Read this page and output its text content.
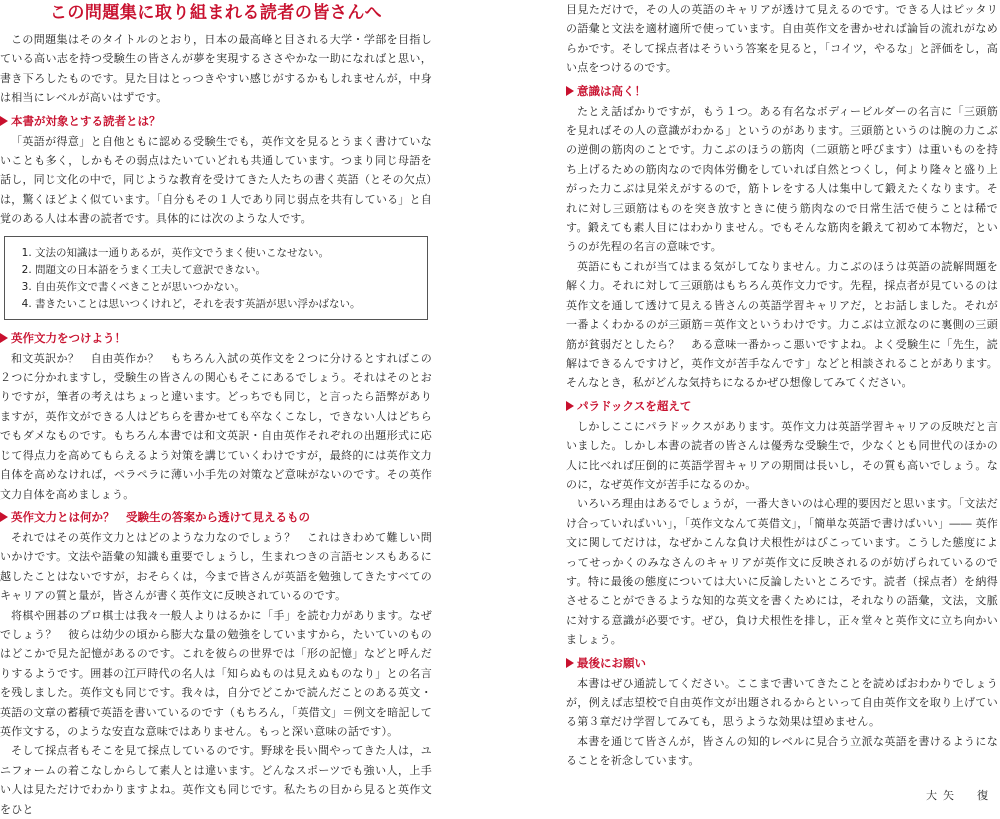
この問題集に取り組まれる読者の皆さんへ

この問題集はそのタイトルのとおり，日本の最高峰と目される大学・学部を目指している高い志を持つ受験生の皆さんが夢を実現するささやかな一助になればと思い，書き下ろしたものです。見た目はとっつきやすい感じがするかもしれませんが，中身は相当にレベルが高いはずです。

本書が対象とする読者とは？

「英語が得意」と自他ともに認める受験生でも，英作文を見るとうまく書けていないことも多く，しかもその弱点はたいていどれも共通しています。つまり同じ母語を話し，同じ文化の中で，同じような教育を受けてきた人たちの書く英語（とその欠点）は，驚くほどよく似ています。「自分もその１人であり同じ弱点を共有している」と自覚のある人は本書の読者です。具体的には次のような人です。

1. 文法の知識は一通りあるが，英作文でうまく使いこなせない。
2. 問題文の日本語をうまく工夫して意訳できない。
3. 自由英作文で書くべきことが思いつかない。
4. 書きたいことは思いつくけれど，それを表す英語が思い浮かばない。
英作文力をつけよう！

和文英訳か？　自由英作か？　もちろん入試の英作文を２つに分けるとすればこの２つに分かれますし，受験生の皆さんの関心もそこにあるでしょう。それはそのとおりですが，筆者の考えはちょっと違います。どっちでも同じ，と言ったら語弊がありますが，英作文ができる人はどちらを書かせても卒なくこなし，できない人はどちらでもダメなものです。もちろん本書では和文英訳・自由英作それぞれの出題形式に応じて得点力を高めてもらえるよう対策を講じていくわけですが，最終的には英作文力自体を高めなければ，ペラペラに薄い小手先の対策など意味がないのです。その英作文力自体を高めましょう。

英作文力とは何か？　受験生の答案から透けて見えるもの

それではその英作文力とはどのような力なのでしょう？　これはきわめて難しい問いかけです。文法や語彙の知識も重要でしょうし，生まれつきの言語センスもあるに越したことはないですが，おそらくは，今まで皆さんが英語を勉強してきたすべてのキャリアの質と量が，皆さんが書く英作文に反映されているのです。

将棋や囲碁のプロ棋士は我々一般人よりはるかに「手」を読む力があります。なぜでしょう？　彼らは幼少の頃から膨大な量の勉強をしていますから，たいていのものはどこかで見た記憶があるのです。これを彼らの世界では「形の記憶」などと呼んだりするようです。囲碁の江戸時代の名人は「知らぬものは見えぬものなり」との名言を残しました。英作文も同じです。我々は，自分でどこかで読んだことのある英文・英語の文章の蓄積で英語を書いているのです（もちろん，「英借文」＝例文を暗記して英作文する，のような安直な意味ではありません。もっと深い意味の話です）。

そして採点者もそこを見て採点しているのです。野球を長い間やってきた人は，ユニフォームの着こなしからして素人とは違います。どんなスポーツでも強い人，上手い人は見ただけでわかりますよね。英作文も同じです。私たちの目から見ると英作文をひと

目見ただけで，その人の英語のキャリアが透けて見えるのです。できる人はピッタリの語彙と文法を適材適所で使っています。自由英作文を書かせれば論旨の流れがなめらかです。そして採点者はそういう答案を見ると，「コイツ，やるな」と評価をし，高い点をつけるのです。

意識は高く！

たとえ話ばかりですが，もう１つ。ある有名なボディービルダーの名言に「三頭筋を見ればその人の意識がわかる」というのがあります。三頭筋というのは腕の力こぶの逆側の筋肉のことです。力こぶのほうの筋肉（二頭筋と呼びます）は重いものを持ち上げるための筋肉なので肉体労働をしていれば自然とつくし，何より隆々と盛り上がった力こぶは見栄えがするので，筋トレをする人は集中して鍛えたくなります。それに対し三頭筋はものを突き放すときに使う筋肉なので日常生活で使うことは稀です。鍛えても素人目にはわかりません。でもそんな筋肉を鍛えて初めて本物だ，というのが先程の名言の意味です。

英語にもこれが当てはまる気がしてなりません。力こぶのほうは英語の読解問題を解く力。それに対して三頭筋はもちろん英作文力です。先程，採点者が見ているのは英作文を通して透けて見える皆さんの英語学習キャリアだ，とお話しました。それが一番よくわかるのが三頭筋＝英作文というわけです。力こぶは立派なのに裏側の三頭筋が貧弱だとしたら？　ある意味一番かっこ悪いですよね。よく受験生に「先生，読解はできるんですけど，英作文が苦手なんです」などと相談されることがあります。そんなとき，私がどんな気持ちになるかぜひ想像してみてください。

パラドックスを超えて

しかしここにパラドックスがあります。英作文力は英語学習キャリアの反映だと言いました。しかし本書の読者の皆さんは優秀な受験生で，少なくとも同世代のほかの人に比べれば圧倒的に英語学習キャリアの期間は長いし，その質も高いでしょう。なのに，なぜ英作文が苦手になるのか。

いろいろ理由はあるでしょうが，一番大きいのは心理的要因だと思います。「文法だけ合っていればいい」，「英作文なんて英借文」，「簡単な英語で書けばいい」―― 英作文に関してだけは，なぜかこんな負け犬根性がはびこっています。こうした態度によってせっかくのみなさんのキャリアが英作文に反映されるのが妨げられているのです。特に最後の態度については大いに反論したいところです。読者（採点者）を納得させることができるような知的な英文を書くためには，それなりの語彙，文法，文脈に対する意識が必要です。ぜひ，負け犬根性を排し，正々堂々と英作文に立ち向かいましょう。

最後にお願い

本書はぜひ通読してください。ここまで書いてきたことを読めばおわかりでしょうが，例えば志望校で自由英作文が出題されるからといって自由英作文を取り上げている第３章だけ学習してみても，思うような効果は望めません。

本書を通じて皆さんが，皆さんの知的レベルに見合う立派な英語を書けるようになることを祈念しています。

大矢　復
